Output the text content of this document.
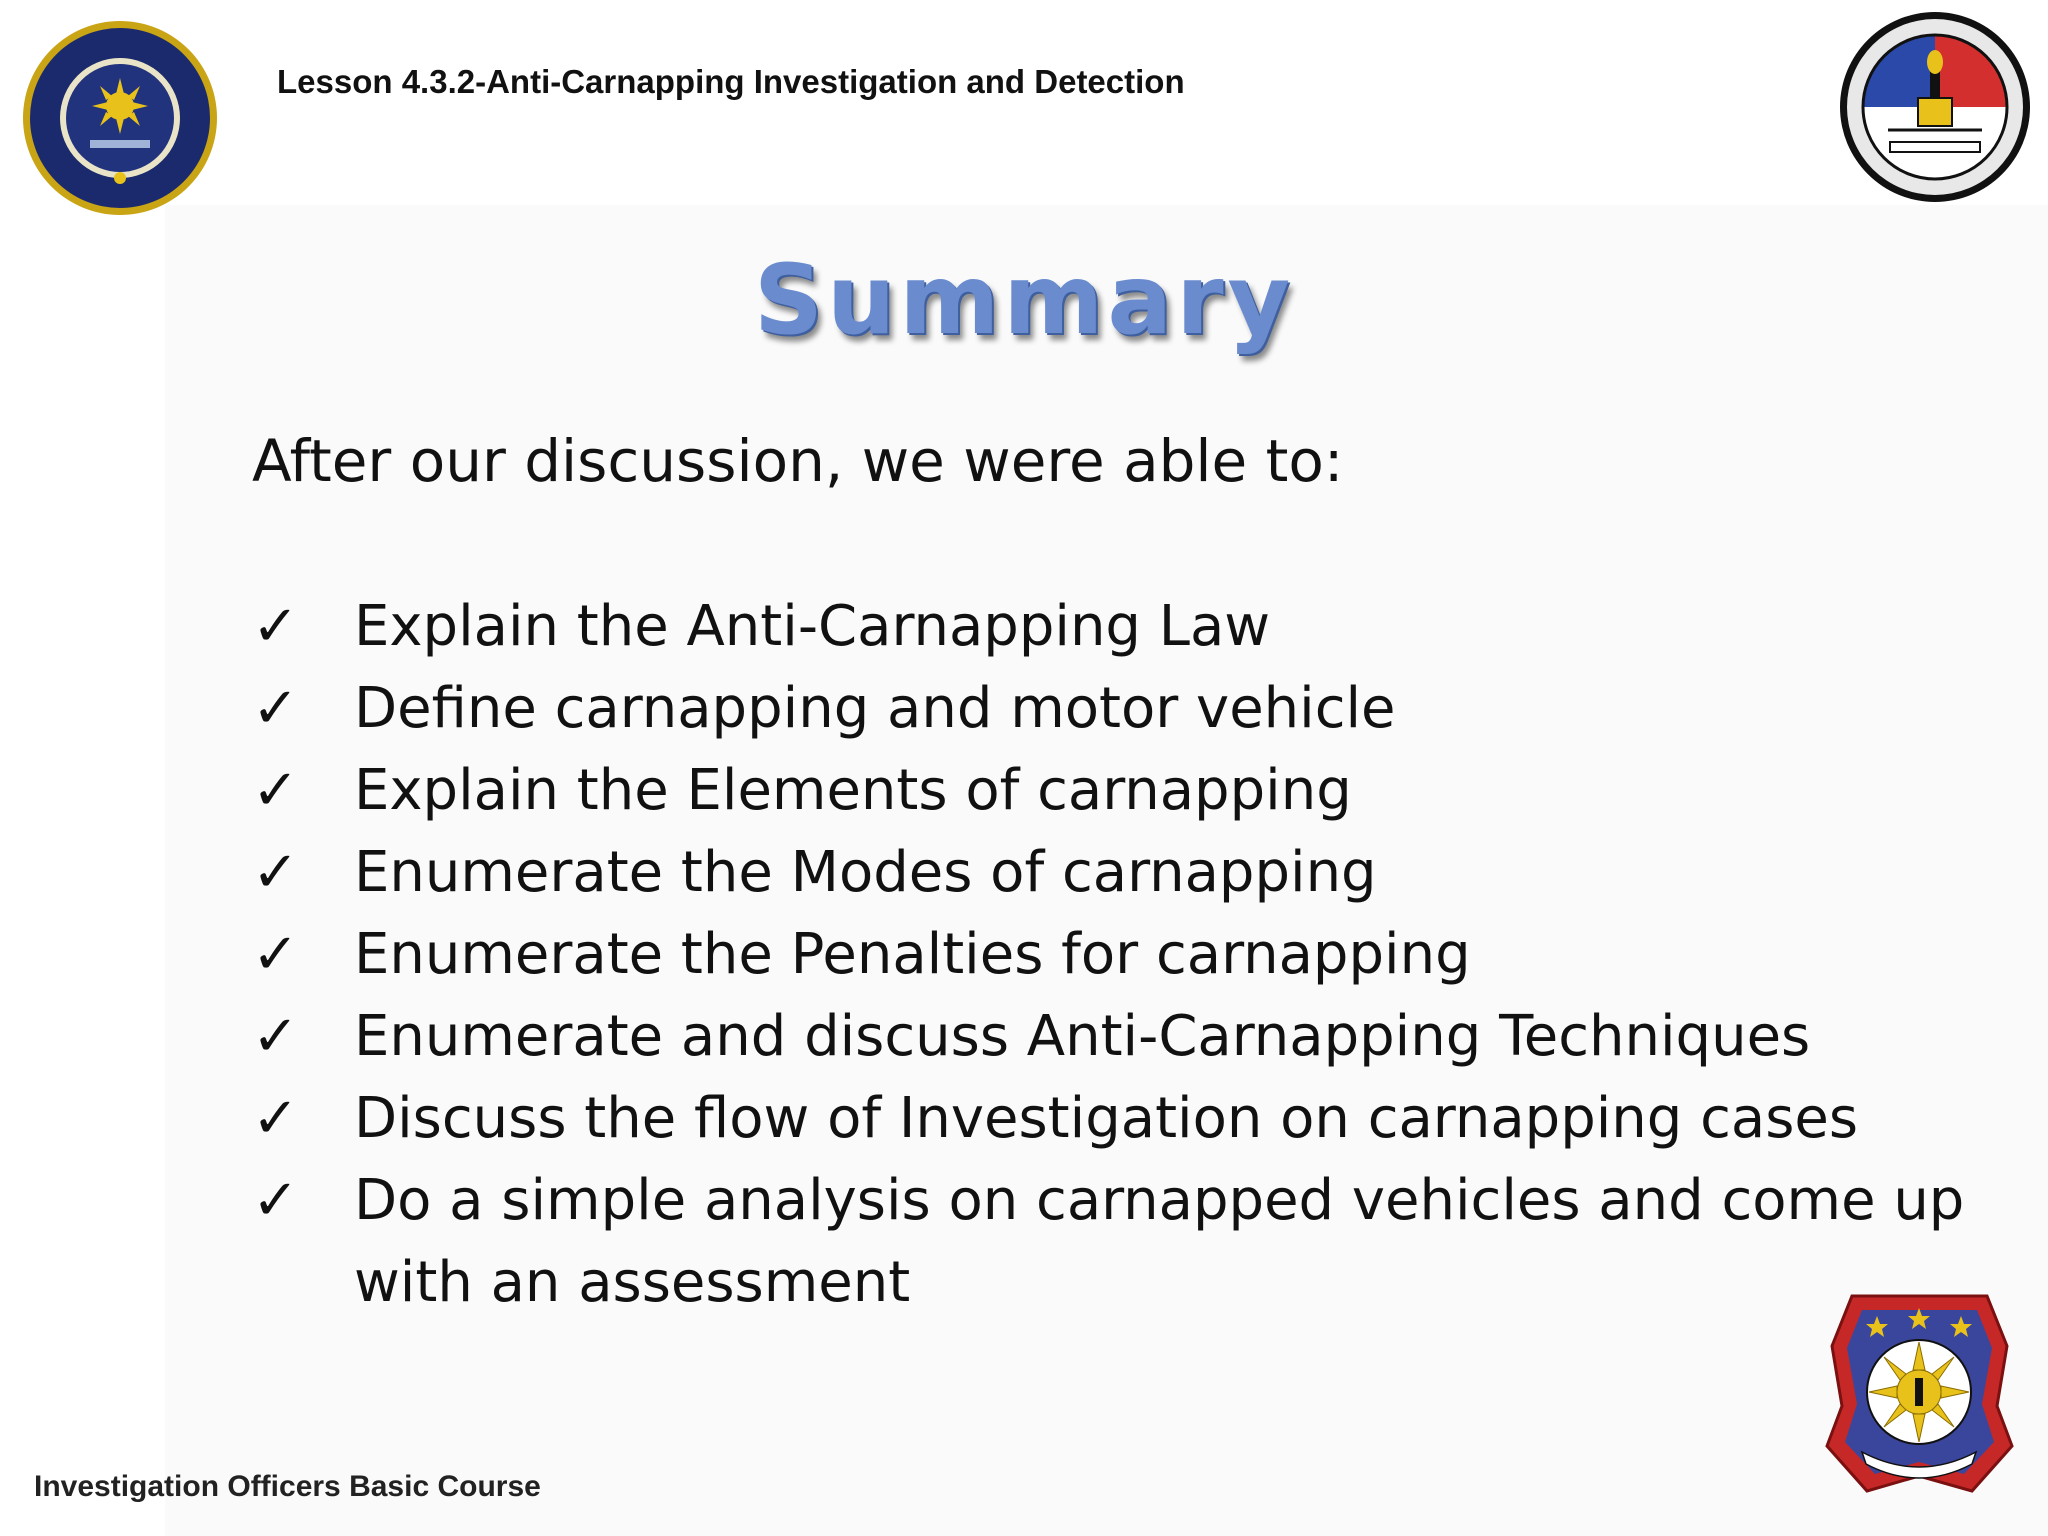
Lesson 4.3.2-Anti-Carnapping Investigation and Detection
Summary
After our discussion, we were able to:
✓ Explain the Anti-Carnapping Law
✓ Define carnapping and motor vehicle
✓ Explain the Elements of carnapping
✓ Enumerate the Modes of carnapping
✓ Enumerate the Penalties for carnapping
✓ Enumerate and discuss Anti-Carnapping Techniques
✓ Discuss the flow of Investigation on carnapping cases
✓ Do a simple analysis on carnapped vehicles and come up with an assessment
Investigation Officers Basic Course
